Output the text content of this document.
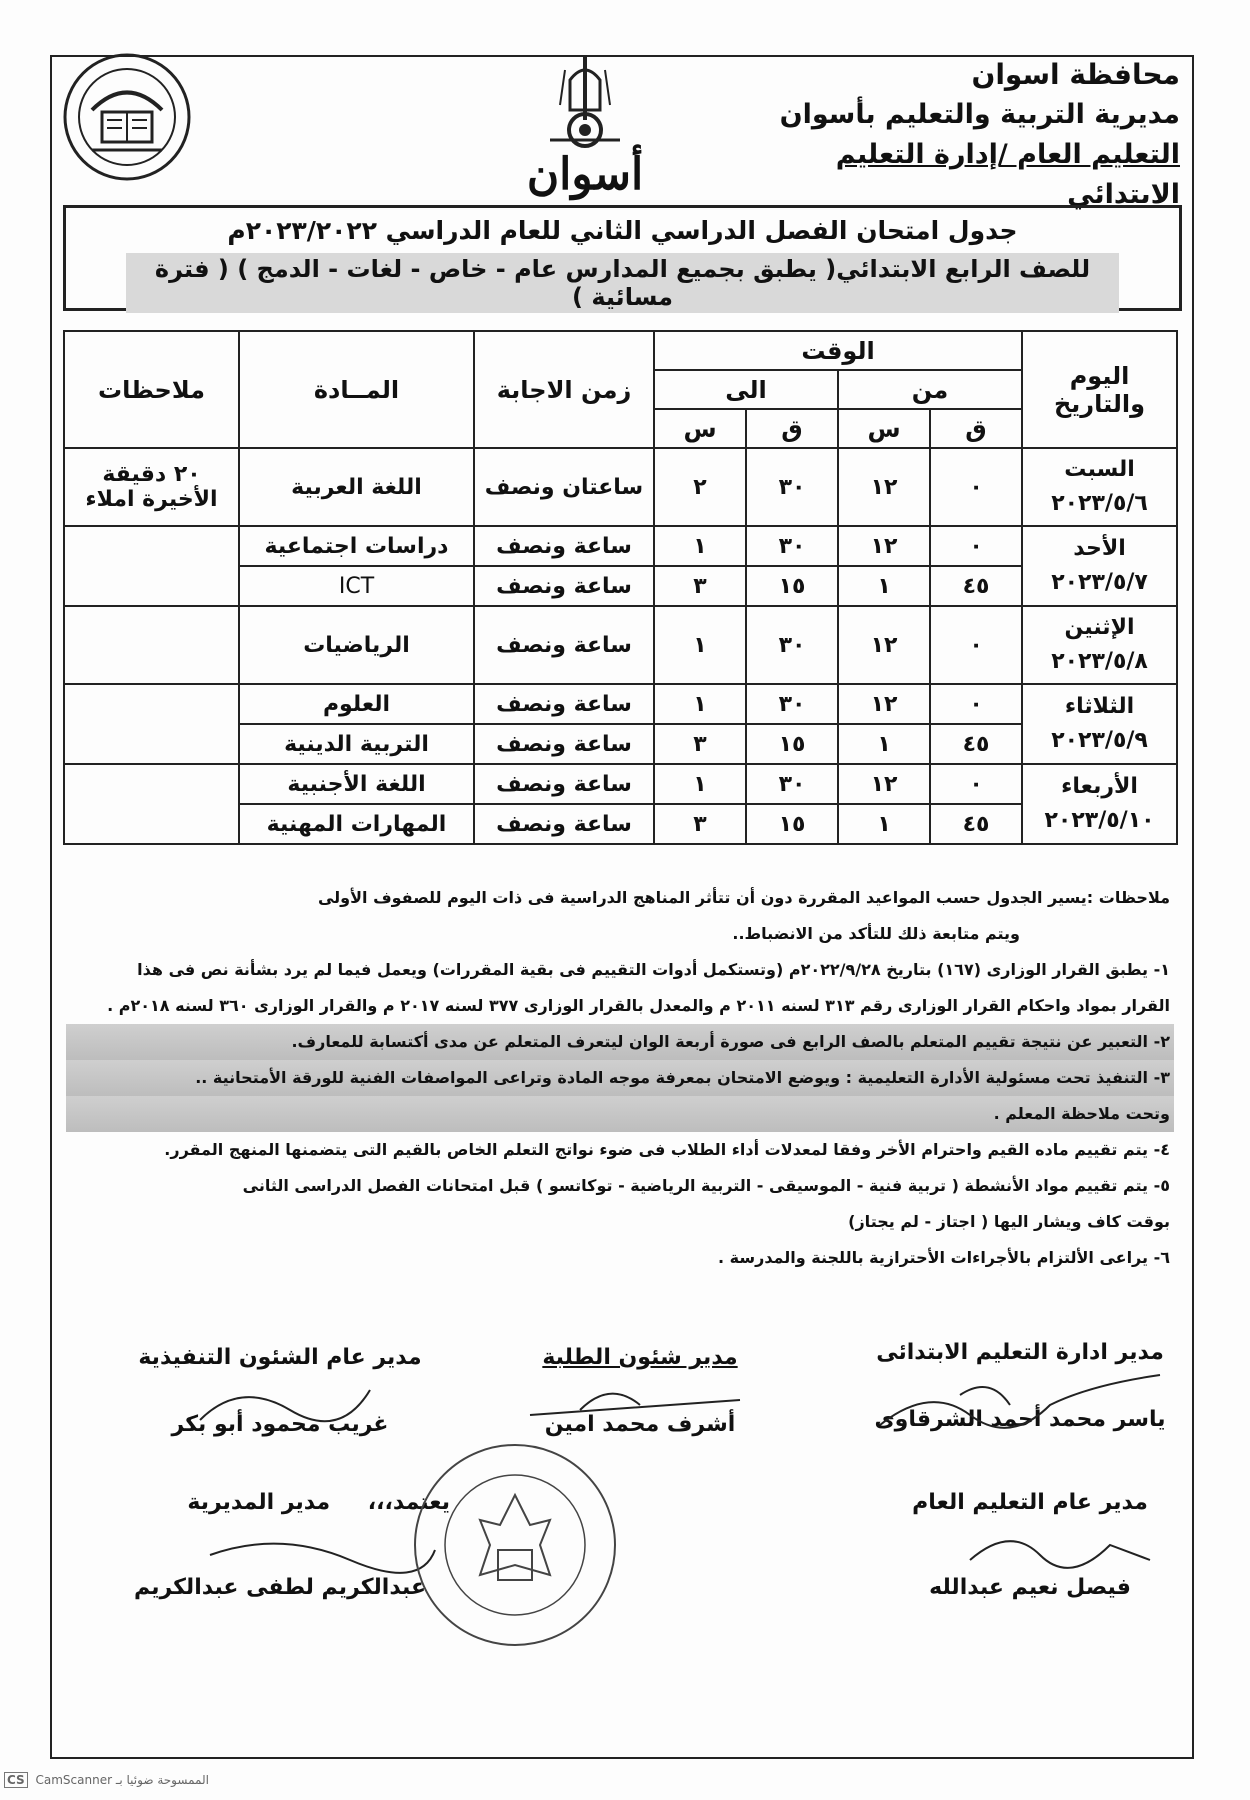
محافظة اسوان
مديرية التربية والتعليم بأسوان
التعليم العام /إدارة التعليم الابتدائي
أسوان
جدول امتحان الفصل الدراسي الثاني للعام الدراسي ٢٠٢٣/٢٠٢٢م
للصف الرابع الابتدائي( يطبق بجميع المدارس عام - خاص - لغات - الدمج ) ( فترة مسائية )
اليوم والتاريخ	الوقت				زمن الاجابة	المــادة	ملاحظات
	من		الى				
	ق	س	ق	س			

السبت
٢٠٢٣/٥/٦	٠	١٢	٣٠	٢	ساعتان ونصف	اللغة العربية	٢٠ دقيقة الأخيرة املاء

الأحد
٢٠٢٣/٥/٧	٠	١٢	٣٠	١	ساعة ونصف	دراسات اجتماعية	
	٤٥	١	١٥	٣	ساعة ونصف	ICT	

الإثنين
٢٠٢٣/٥/٨	٠	١٢	٣٠	١	ساعة ونصف	الرياضيات	

الثلاثاء
٢٠٢٣/٥/٩	٠	١٢	٣٠	١	ساعة ونصف	العلوم	
	٤٥	١	١٥	٣	ساعة ونصف	التربية الدينية	

الأربعاء
٢٠٢٣/٥/١٠	٠	١٢	٣٠	١	ساعة ونصف	اللغة الأجنبية	
	٤٥	١	١٥	٣	ساعة ونصف	المهارات المهنية	

ملاحظات :يسير الجدول حسب المواعيد المقررة دون أن تتأثر المناهج الدراسية فى ذات اليوم للصفوف الأولى

ويتم متابعة ذلك للتأكد من الانضباط..

١- يطبق القرار الوزارى (١٦٧) بتاريخ ٢٠٢٢/٩/٢٨م (وتستكمل أدوات التقييم فى بقية المقررات) ويعمل فيما لم يرد بشأنة نص فى هذا

القرار بمواد واحكام القرار الوزارى رقم ٣١٣ لسنه ٢٠١١ م والمعدل بالقرار الوزارى ٣٧٧ لسنه ٢٠١٧ م والقرار الوزارى ٣٦٠ لسنه ٢٠١٨م .

٢- التعبير عن نتيجة تقييم المتعلم بالصف الرابع فى صورة أربعة الوان ليتعرف المتعلم عن مدى أكتسابة للمعارف.

٣- التنفيذ تحت مسئولية الأدارة التعليمية : ويوضع الامتحان بمعرفة موجه المادة وتراعى المواصفات الفنية للورقة الأمتحانية ..

وتحت ملاحظة المعلم .

٤- يتم تقييم ماده القيم واحترام الأخر وفقا لمعدلات أداء الطلاب فى ضوء نواتج التعلم الخاص بالقيم التى يتضمنها المنهج المقرر.

٥- يتم تقييم مواد الأنشطة ( تربية فنية - الموسيقى - التربية الرياضية - توكاتسو ) قبل امتحانات الفصل الدراسى الثانى

بوقت كاف ويشار اليها ( اجتاز - لم يجتاز)

٦- يراعى الألتزام بالأجراءات الأحترازية باللجنة والمدرسة .

مدير ادارة التعليم الابتدائى
ياسر محمد أحمد الشرقاوى
مدير شئون الطلبة
أشرف محمد امين
مدير عام الشئون التنفيذية
غريب محمود أبو بكر
مدير عام التعليم العام
فيصل نعيم عبدالله
يعتمد،،، مدير المديرية
عبدالكريم لطفى عبدالكريم
CS CamScanner الممسوحة ضوئيا بـ
